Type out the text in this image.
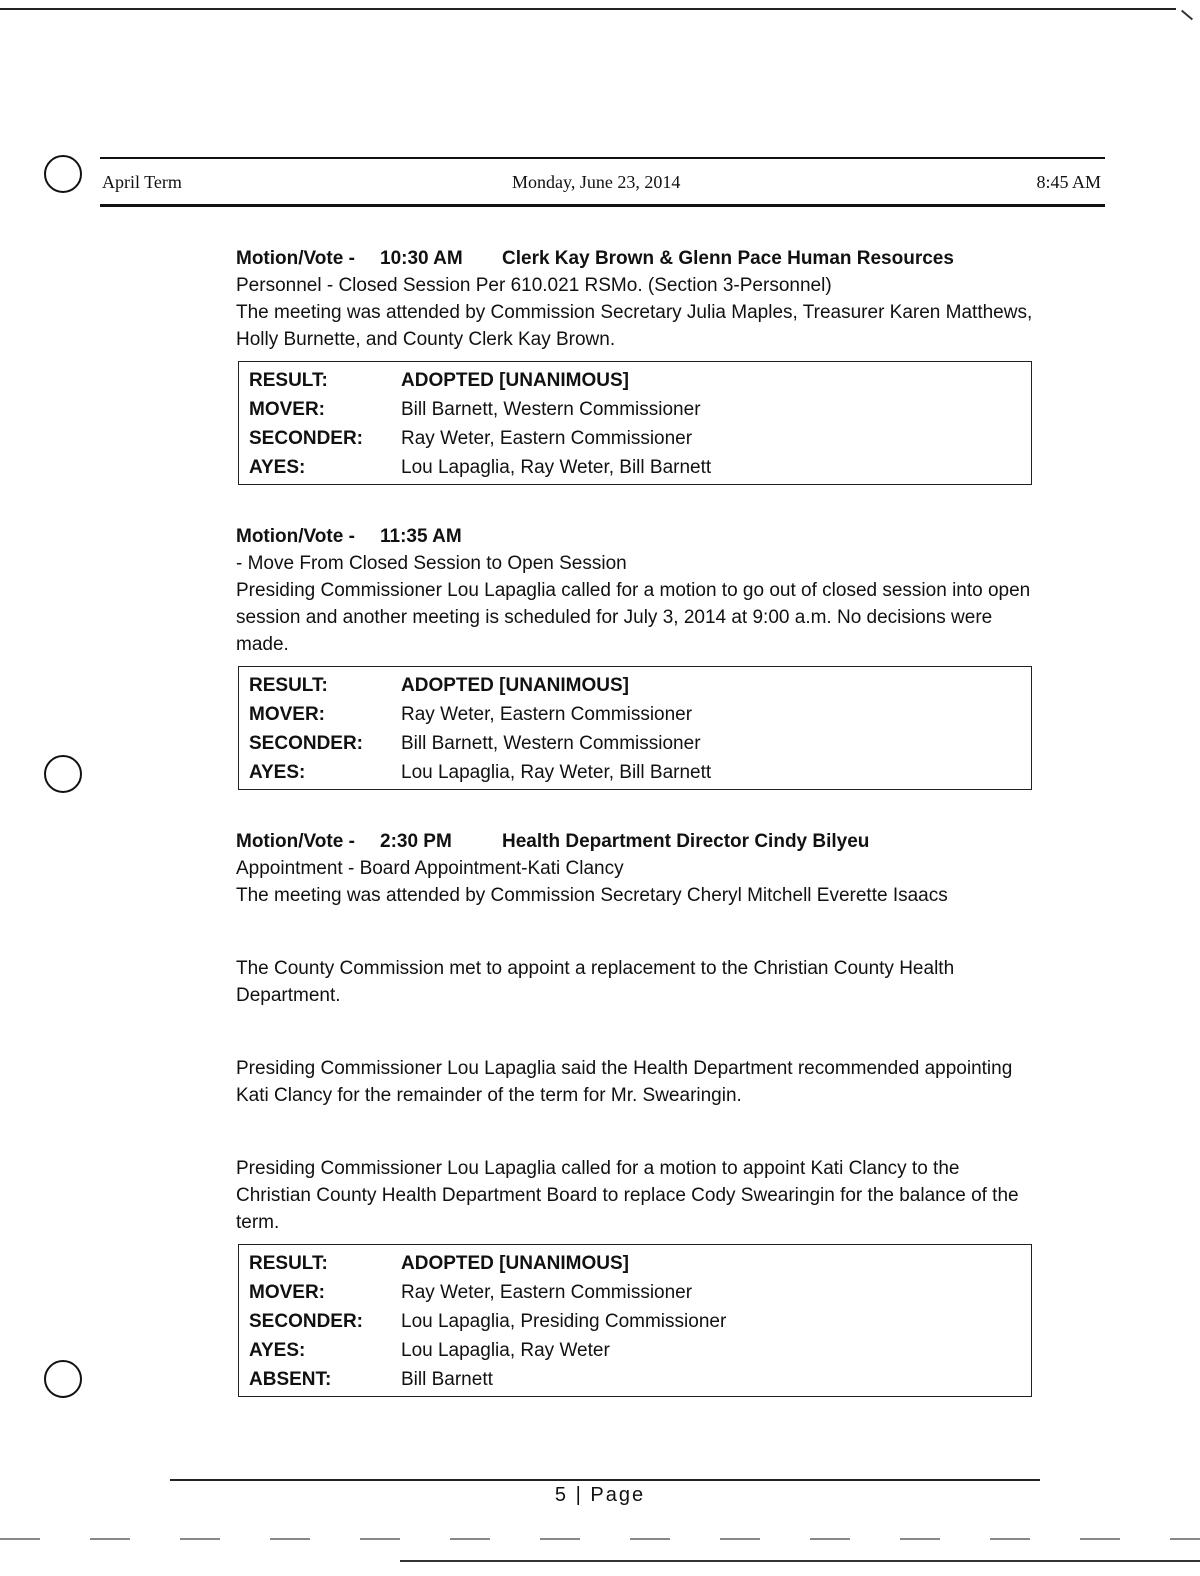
April Term	Monday, June 23, 2014	8:45 AM
Motion/Vote - 10:30 AM Clerk Kay Brown & Glenn Pace Human Resources
Personnel - Closed Session Per 610.021 RSMo. (Section 3-Personnel)
The meeting was attended by Commission Secretary Julia Maples, Treasurer Karen Matthews, Holly Burnette, and County Clerk Kay Brown.
RESULT:	ADOPTED [UNANIMOUS]
MOVER:	Bill Barnett, Western Commissioner
SECONDER:	Ray Weter, Eastern Commissioner
AYES:	Lou Lapaglia, Ray Weter, Bill Barnett
Motion/Vote - 11:35 AM
- Move From Closed Session to Open Session
Presiding Commissioner Lou Lapaglia called for a motion to go out of closed session into open session and another meeting is scheduled for July 3, 2014 at 9:00 a.m. No decisions were made.
RESULT:	ADOPTED [UNANIMOUS]
MOVER:	Ray Weter, Eastern Commissioner
SECONDER:	Bill Barnett, Western Commissioner
AYES:	Lou Lapaglia, Ray Weter, Bill Barnett
Motion/Vote - 2:30 PM	Health Department Director Cindy Bilyeu
Appointment - Board Appointment-Kati Clancy
The meeting was attended by Commission Secretary Cheryl Mitchell Everette Isaacs
The County Commission met to appoint a replacement to the Christian County Health Department.
Presiding Commissioner Lou Lapaglia said the Health Department recommended appointing Kati Clancy for the remainder of the term for Mr. Swearingin.
Presiding Commissioner Lou Lapaglia called for a motion to appoint Kati Clancy to the Christian County Health Department Board to replace Cody Swearingin for the balance of the term.
RESULT:	ADOPTED [UNANIMOUS]
MOVER:	Ray Weter, Eastern Commissioner
SECONDER:	Lou Lapaglia, Presiding Commissioner
AYES:	Lou Lapaglia, Ray Weter
ABSENT:	Bill Barnett
5 | Page
